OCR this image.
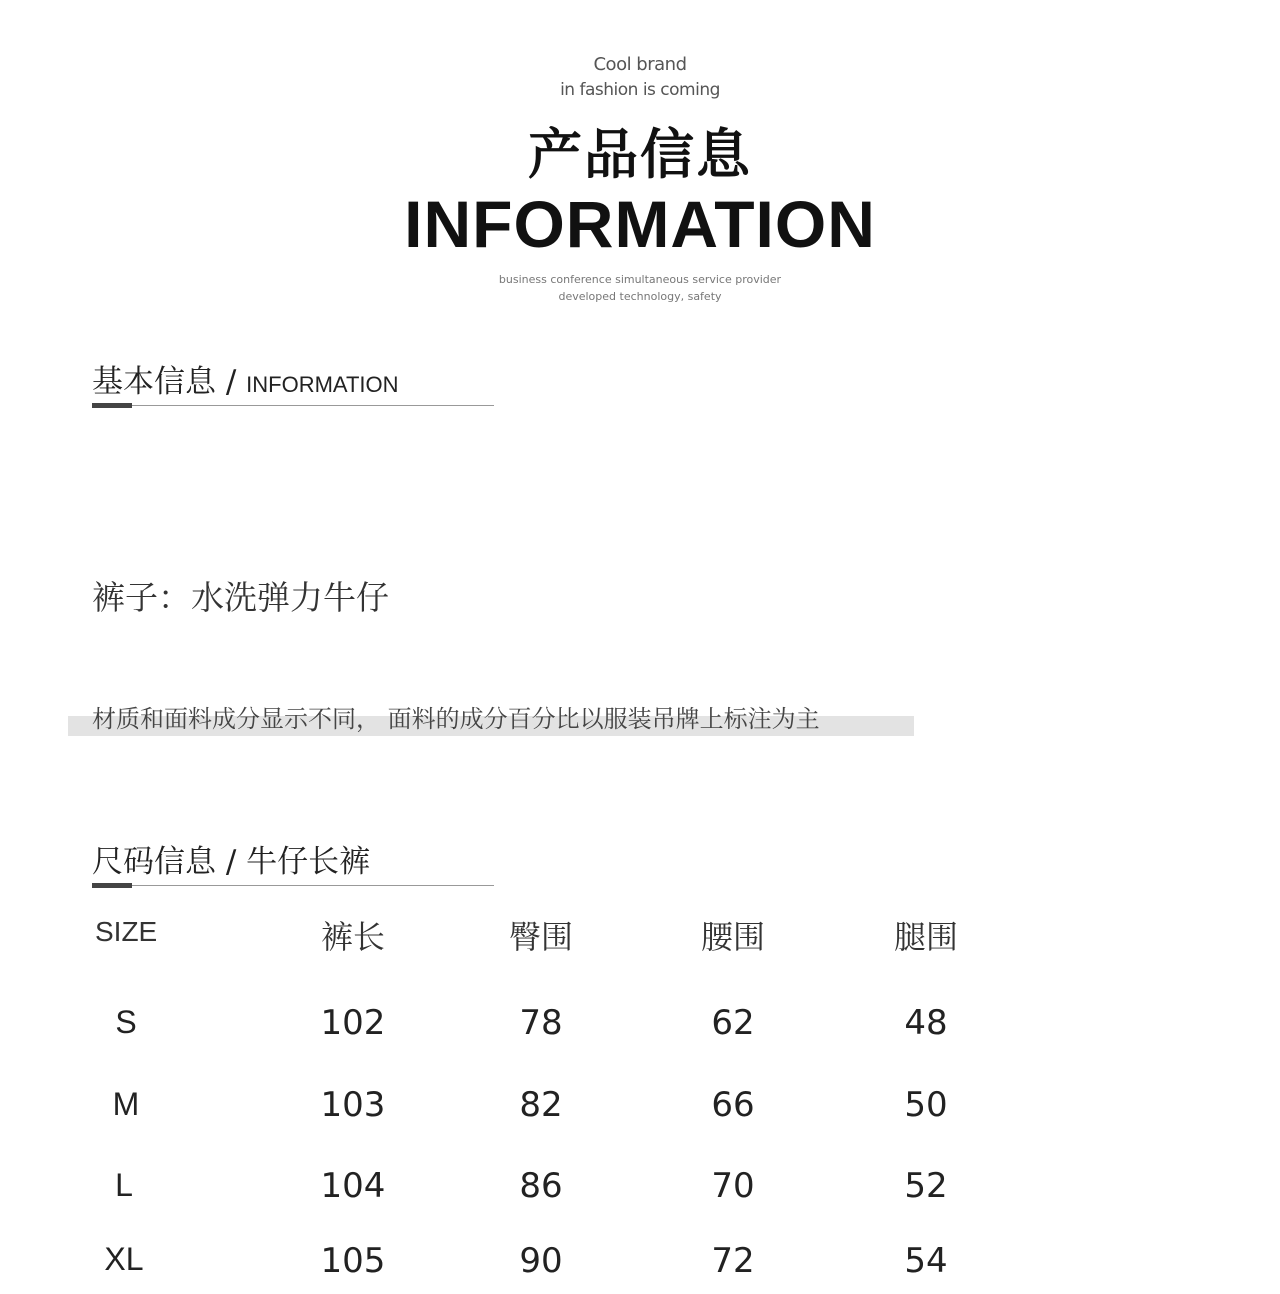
Cool brand
in fashion is coming
产品信息
INFORMATION
business conference simultaneous service provider
developed technology, safety
基本信息 / INFORMATION
裤子：水洗弹力牛仔
材质和面料成分显示不同， 面料的成分百分比以服装吊牌上标注为主
尺码信息 / 牛仔长裤
SIZE	裤长	臀围	腰围	腿围
S	102	78	62	48
M	103	82	66	50
L	104	86	70	52
XL	105	90	72	54
